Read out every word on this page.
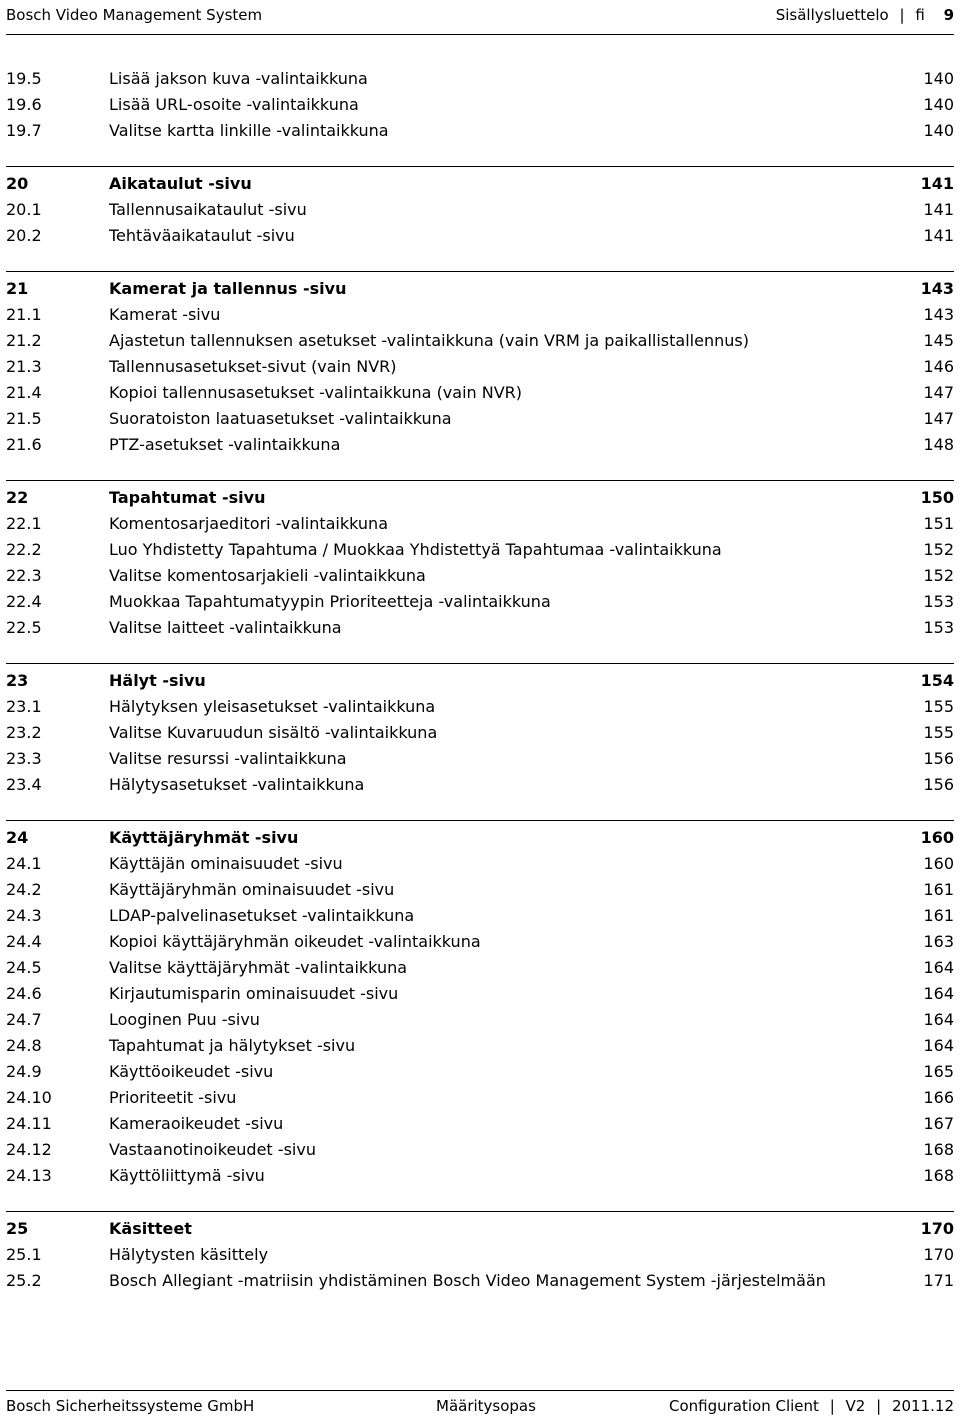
Bosch Video Management System	Sisällysluettelo | fi 9
19.5	Lisää jakson kuva -valintaikkuna	140
19.6	Lisää URL-osoite -valintaikkuna	140
19.7	Valitse kartta linkille -valintaikkuna	140
20	Aikataulut -sivu	141
20.1	Tallennusaikataulut -sivu	141
20.2	Tehtäväaikataulut -sivu	141
21	Kamerat ja tallennus -sivu	143
21.1	Kamerat -sivu	143
21.2	Ajastetun tallennuksen asetukset -valintaikkuna (vain VRM ja paikallistallennus)	145
21.3	Tallennusasetukset-sivut (vain NVR)	146
21.4	Kopioi tallennusasetukset -valintaikkuna (vain NVR)	147
21.5	Suoratoiston laatuasetukset -valintaikkuna	147
21.6	PTZ-asetukset -valintaikkuna	148
22	Tapahtumat -sivu	150
22.1	Komentosarjaeditori -valintaikkuna	151
22.2	Luo Yhdistetty Tapahtuma / Muokkaa Yhdistettyä Tapahtumaa -valintaikkuna	152
22.3	Valitse komentosarjakieli -valintaikkuna	152
22.4	Muokkaa Tapahtumatyypin Prioriteetteja -valintaikkuna	153
22.5	Valitse laitteet -valintaikkuna	153
23	Hälyt -sivu	154
23.1	Hälytyksen yleisasetukset -valintaikkuna	155
23.2	Valitse Kuvaruudun sisältö -valintaikkuna	155
23.3	Valitse resurssi -valintaikkuna	156
23.4	Hälytysasetukset -valintaikkuna	156
24	Käyttäjäryhmät -sivu	160
24.1	Käyttäjän ominaisuudet -sivu	160
24.2	Käyttäjäryhmän ominaisuudet -sivu	161
24.3	LDAP-palvelinasetukset -valintaikkuna	161
24.4	Kopioi käyttäjäryhmän oikeudet -valintaikkuna	163
24.5	Valitse käyttäjäryhmät -valintaikkuna	164
24.6	Kirjautumisparin ominaisuudet -sivu	164
24.7	Looginen Puu -sivu	164
24.8	Tapahtumat ja hälytykset -sivu	164
24.9	Käyttöoikeudet -sivu	165
24.10	Prioriteetit -sivu	166
24.11	Kameraoikeudet -sivu	167
24.12	Vastaanotinoikeudet -sivu	168
24.13	Käyttöliittymä -sivu	168
25	Käsitteet	170
25.1	Hälytysten käsittely	170
25.2	Bosch Allegiant -matriisin yhdistäminen Bosch Video Management System -järjestelmään	171
Bosch Sicherheitssysteme GmbH	Määritysopas	Configuration Client | V2 | 2011.12
